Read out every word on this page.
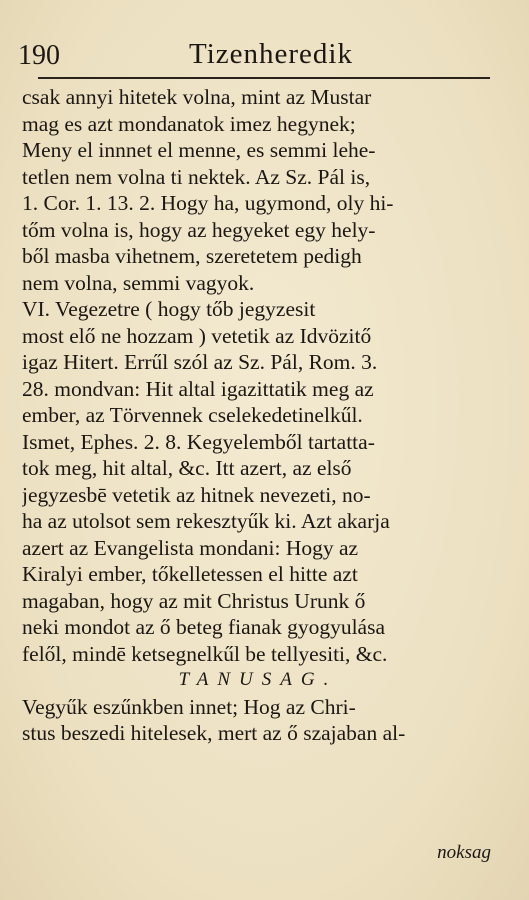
190	Tizenheredik
csak annyi hitetek volna, mint az Mustar
mag es azt mondanatok imez hegynek;
Meny el innnet el menne, es semmi lehe-
tetlen nem volna ti nektek. Az Sz. Pál is,
1. Cor. 1. 13. 2. Hogy ha, ugymond, oly hi-
tőm volna is, hogy az hegyeket egy hely-
ből masba vihetnem, szeretetem pedigh
nem volna, semmi vagyok.
VI. Vegezetre ( hogy tőb jegyzesit
most elő ne hozzam ) vetetik az Idvözitő
igaz Hitert. Errűl szól az Sz. Pál, Rom. 3.
28. mondvan: Hit altal igazittatik meg az
ember, az Törvennek cselekedetinelkűl.
Ismet, Ephes. 2. 8. Kegyelemből tartatta-
tok meg, hit altal, &c. Itt azert, az első
jegyzesbē vetetik az hitnek nevezeti, no-
ha az utolsot sem rekesztyűk ki. Azt akarja
azert az Evangelista mondani: Hogy az
Kiralyi ember, tőkelletessen el hitte azt
magaban, hogy az mit Christus Urunk ő
neki mondot az ő beteg fianak gyogyulása
felől, mindē ketsegnelkűl be tellyesiti, &c.
TANUSAG.
Vegyűk eszűnkben innet; Hog az Chri-
stus beszedi hitelesek, mert az ő szajaban al-
noksag
